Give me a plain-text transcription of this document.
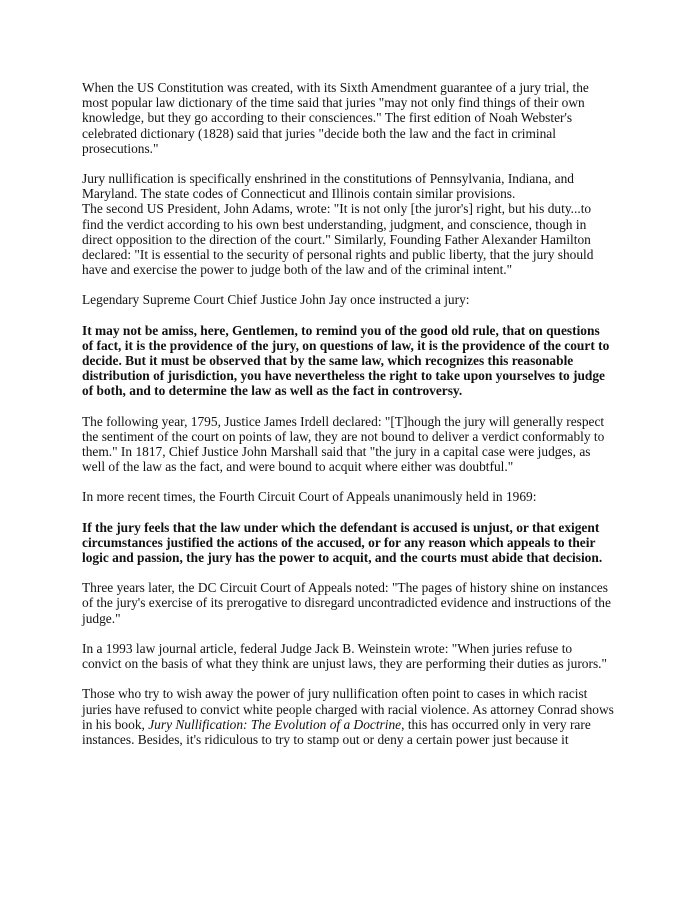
When the US Constitution was created, with its Sixth Amendment guarantee of a jury trial, the most popular law dictionary of the time said that juries "may not only find things of their own knowledge, but they go according to their consciences." The first edition of Noah Webster's celebrated dictionary (1828) said that juries "decide both the law and the fact in criminal prosecutions."

Jury nullification is specifically enshrined in the constitutions of Pennsylvania, Indiana, and Maryland. The state codes of Connecticut and Illinois contain similar provisions.

The second US President, John Adams, wrote: "It is not only [the juror's] right, but his duty...to find the verdict according to his own best understanding, judgment, and conscience, though in direct opposition to the direction of the court." Similarly, Founding Father Alexander Hamilton declared: "It is essential to the security of personal rights and public liberty, that the jury should have and exercise the power to judge both of the law and of the criminal intent."

Legendary Supreme Court Chief Justice John Jay once instructed a jury:

It may not be amiss, here, Gentlemen, to remind you of the good old rule, that on questions of fact, it is the providence of the jury, on questions of law, it is the providence of the court to decide. But it must be observed that by the same law, which recognizes this reasonable distribution of jurisdiction, you have nevertheless the right to take upon yourselves to judge of both, and to determine the law as well as the fact in controversy.

The following year, 1795, Justice James Irdell declared: "[T]hough the jury will generally respect the sentiment of the court on points of law, they are not bound to deliver a verdict conformably to them." In 1817, Chief Justice John Marshall said that "the jury in a capital case were judges, as well of the law as the fact, and were bound to acquit where either was doubtful."

In more recent times, the Fourth Circuit Court of Appeals unanimously held in 1969:

If the jury feels that the law under which the defendant is accused is unjust, or that exigent circumstances justified the actions of the accused, or for any reason which appeals to their logic and passion, the jury has the power to acquit, and the courts must abide that decision.

Three years later, the DC Circuit Court of Appeals noted: "The pages of history shine on instances of the jury's exercise of its prerogative to disregard uncontradicted evidence and instructions of the judge."

In a 1993 law journal article, federal Judge Jack B. Weinstein wrote: "When juries refuse to convict on the basis of what they think are unjust laws, they are performing their duties as jurors."

Those who try to wish away the power of jury nullification often point to cases in which racist juries have refused to convict white people charged with racial violence. As attorney Conrad shows in his book, Jury Nullification: The Evolution of a Doctrine, this has occurred only in very rare instances. Besides, it's ridiculous to try to stamp out or deny a certain power just because it
